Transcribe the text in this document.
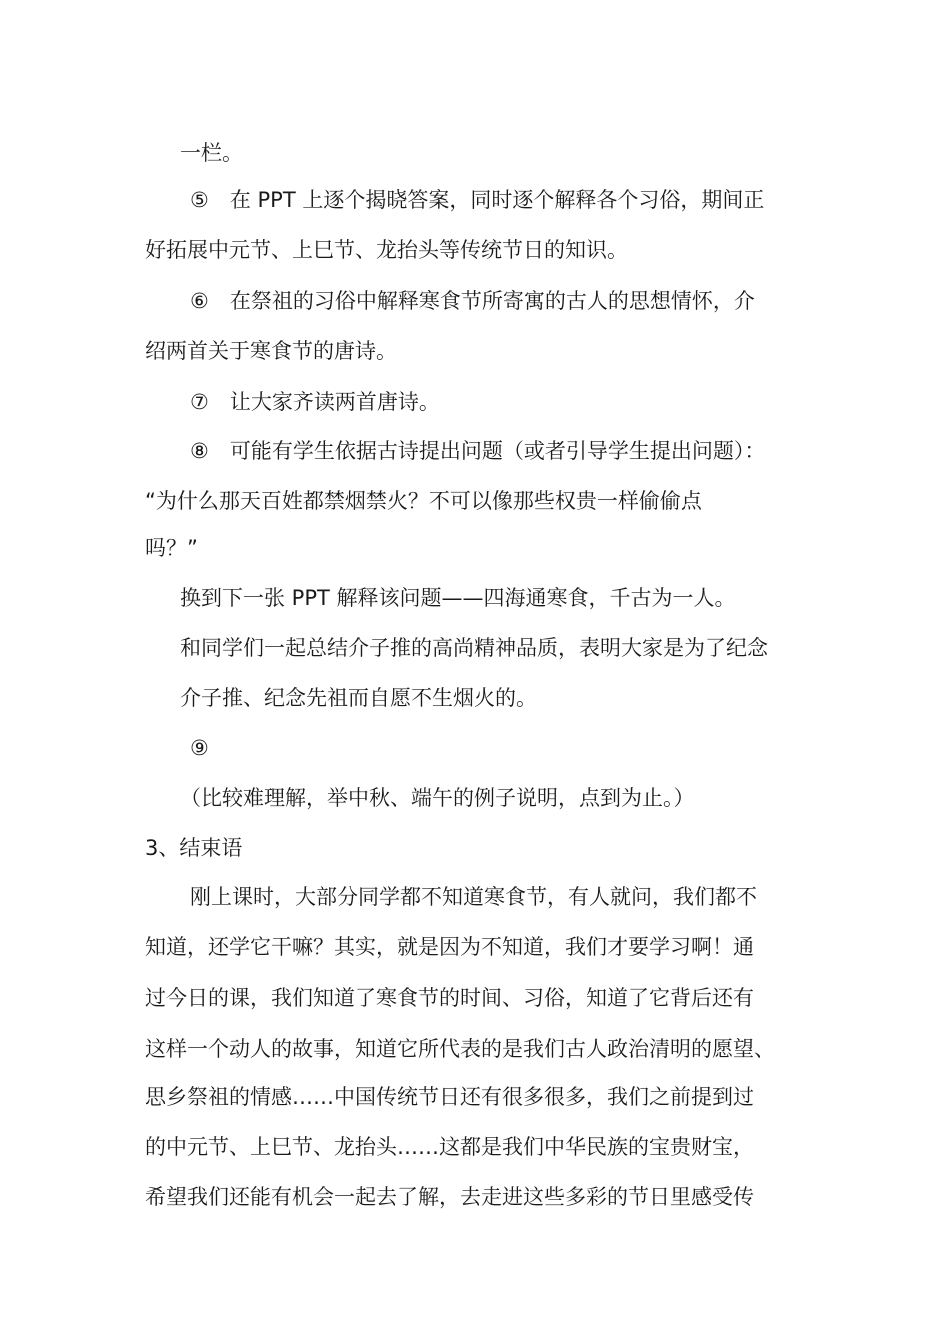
一栏。
⑤　在 PPT 上逐个揭晓答案，同时逐个解释各个习俗，期间正
好拓展中元节、上巳节、龙抬头等传统节日的知识。
⑥　在祭祖的习俗中解释寒食节所寄寓的古人的思想情怀，介
绍两首关于寒食节的唐诗。
⑦　让大家齐读两首唐诗。
⑧　可能有学生依据古诗提出问题（或者引导学生提出问题）：
“为什么那天百姓都禁烟禁火？不可以像那些权贵一样偷偷点
吗？”
换到下一张 PPT 解释该问题——四海通寒食，千古为一人。
和同学们一起总结介子推的高尚精神品质，表明大家是为了纪念
介子推、纪念先祖而自愿不生烟火的。
⑨
（比较难理解，举中秋、端午的例子说明，点到为止。）
3、结束语
刚上课时，大部分同学都不知道寒食节，有人就问，我们都不
知道，还学它干嘛？其实，就是因为不知道，我们才要学习啊！通
过今日的课，我们知道了寒食节的时间、习俗，知道了它背后还有
这样一个动人的故事，知道它所代表的是我们古人政治清明的愿望、
思乡祭祖的情感……中国传统节日还有很多很多，我们之前提到过
的中元节、上巳节、龙抬头……这都是我们中华民族的宝贵财宝，
希望我们还能有机会一起去了解，去走进这些多彩的节日里感受传
